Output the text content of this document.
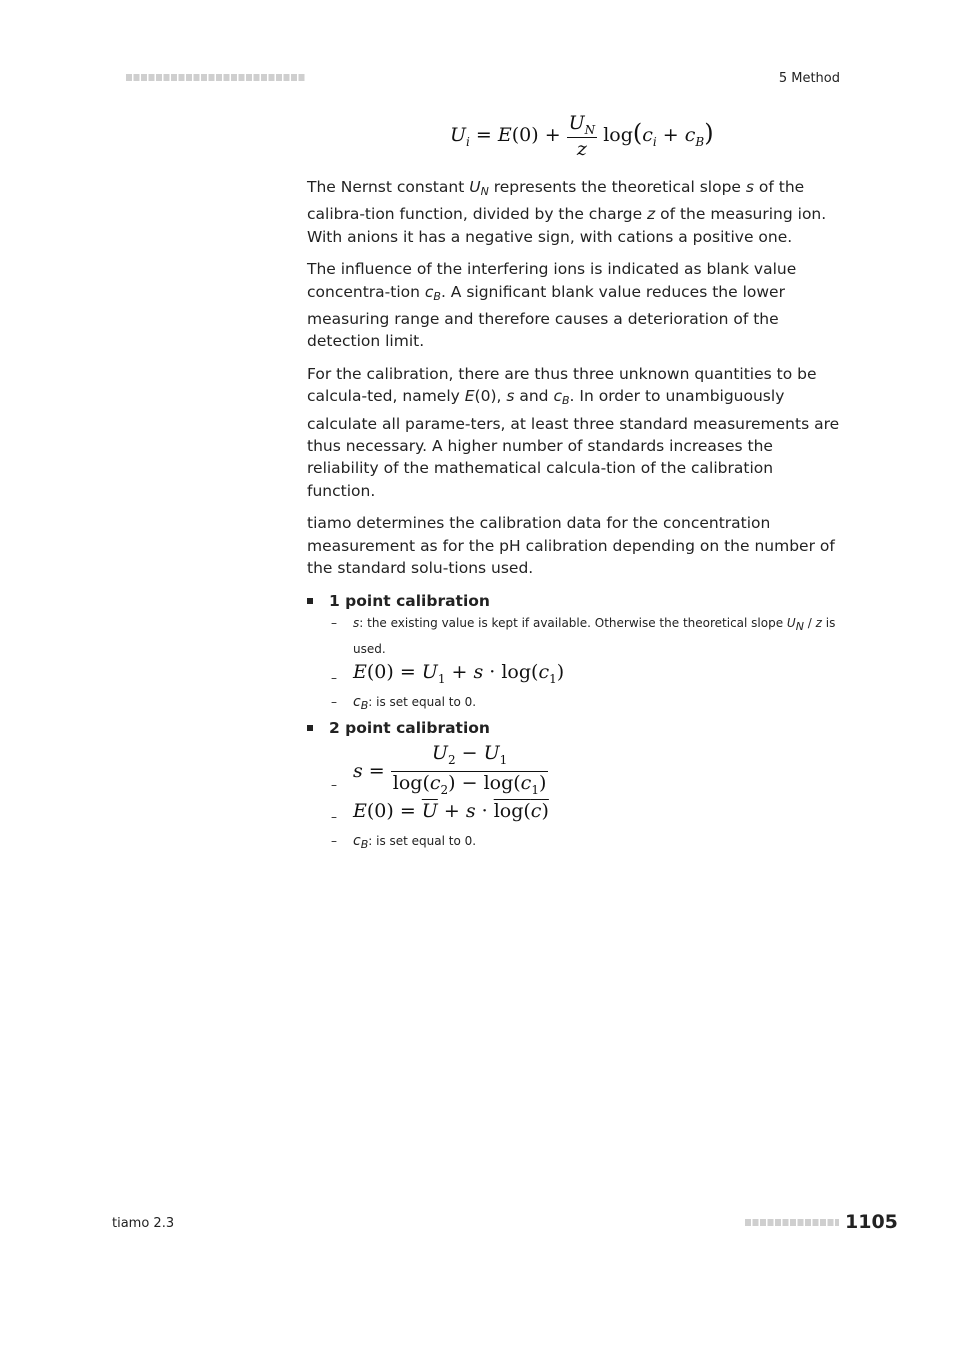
5 Method
$U_i = E(0) + \frac{U_N}{z} \log(c_i + c_B)$

The Nernst constant UN represents the theoretical slope s of the calibra-tion function, divided by the charge z of the measuring ion. With anions it has a negative sign, with cations a positive one.

The influence of the interfering ions is indicated as blank value concentra-tion cB. A significant blank value reduces the lower measuring range and therefore causes a deterioration of the detection limit.

For the calibration, there are thus three unknown quantities to be calcula-ted, namely E(0), s and cB. In order to unambiguously calculate all parame-ters, at least three standard measurements are thus necessary. A higher number of standards increases the reliability of the mathematical calcula-tion of the calibration function.

tiamo determines the calibration data for the concentration measurement as for the pH calibration depending on the number of the standard solu-tions used.

1 point calibration
– s: the existing value is kept if available. Otherwise the theoretical slope UN / z is used.
– $E(0) = U_1 + s \cdot \log(c_1)$
– cB: is set equal to 0.
2 point calibration
–
$s = \frac{U_2 - U_1}{\log(c_2) - \log(c_1)}$
– $E(0) = \overline{U} + s \cdot \log(c)$
– cB: is set equal to 0.
tiamo 2.3	1105
